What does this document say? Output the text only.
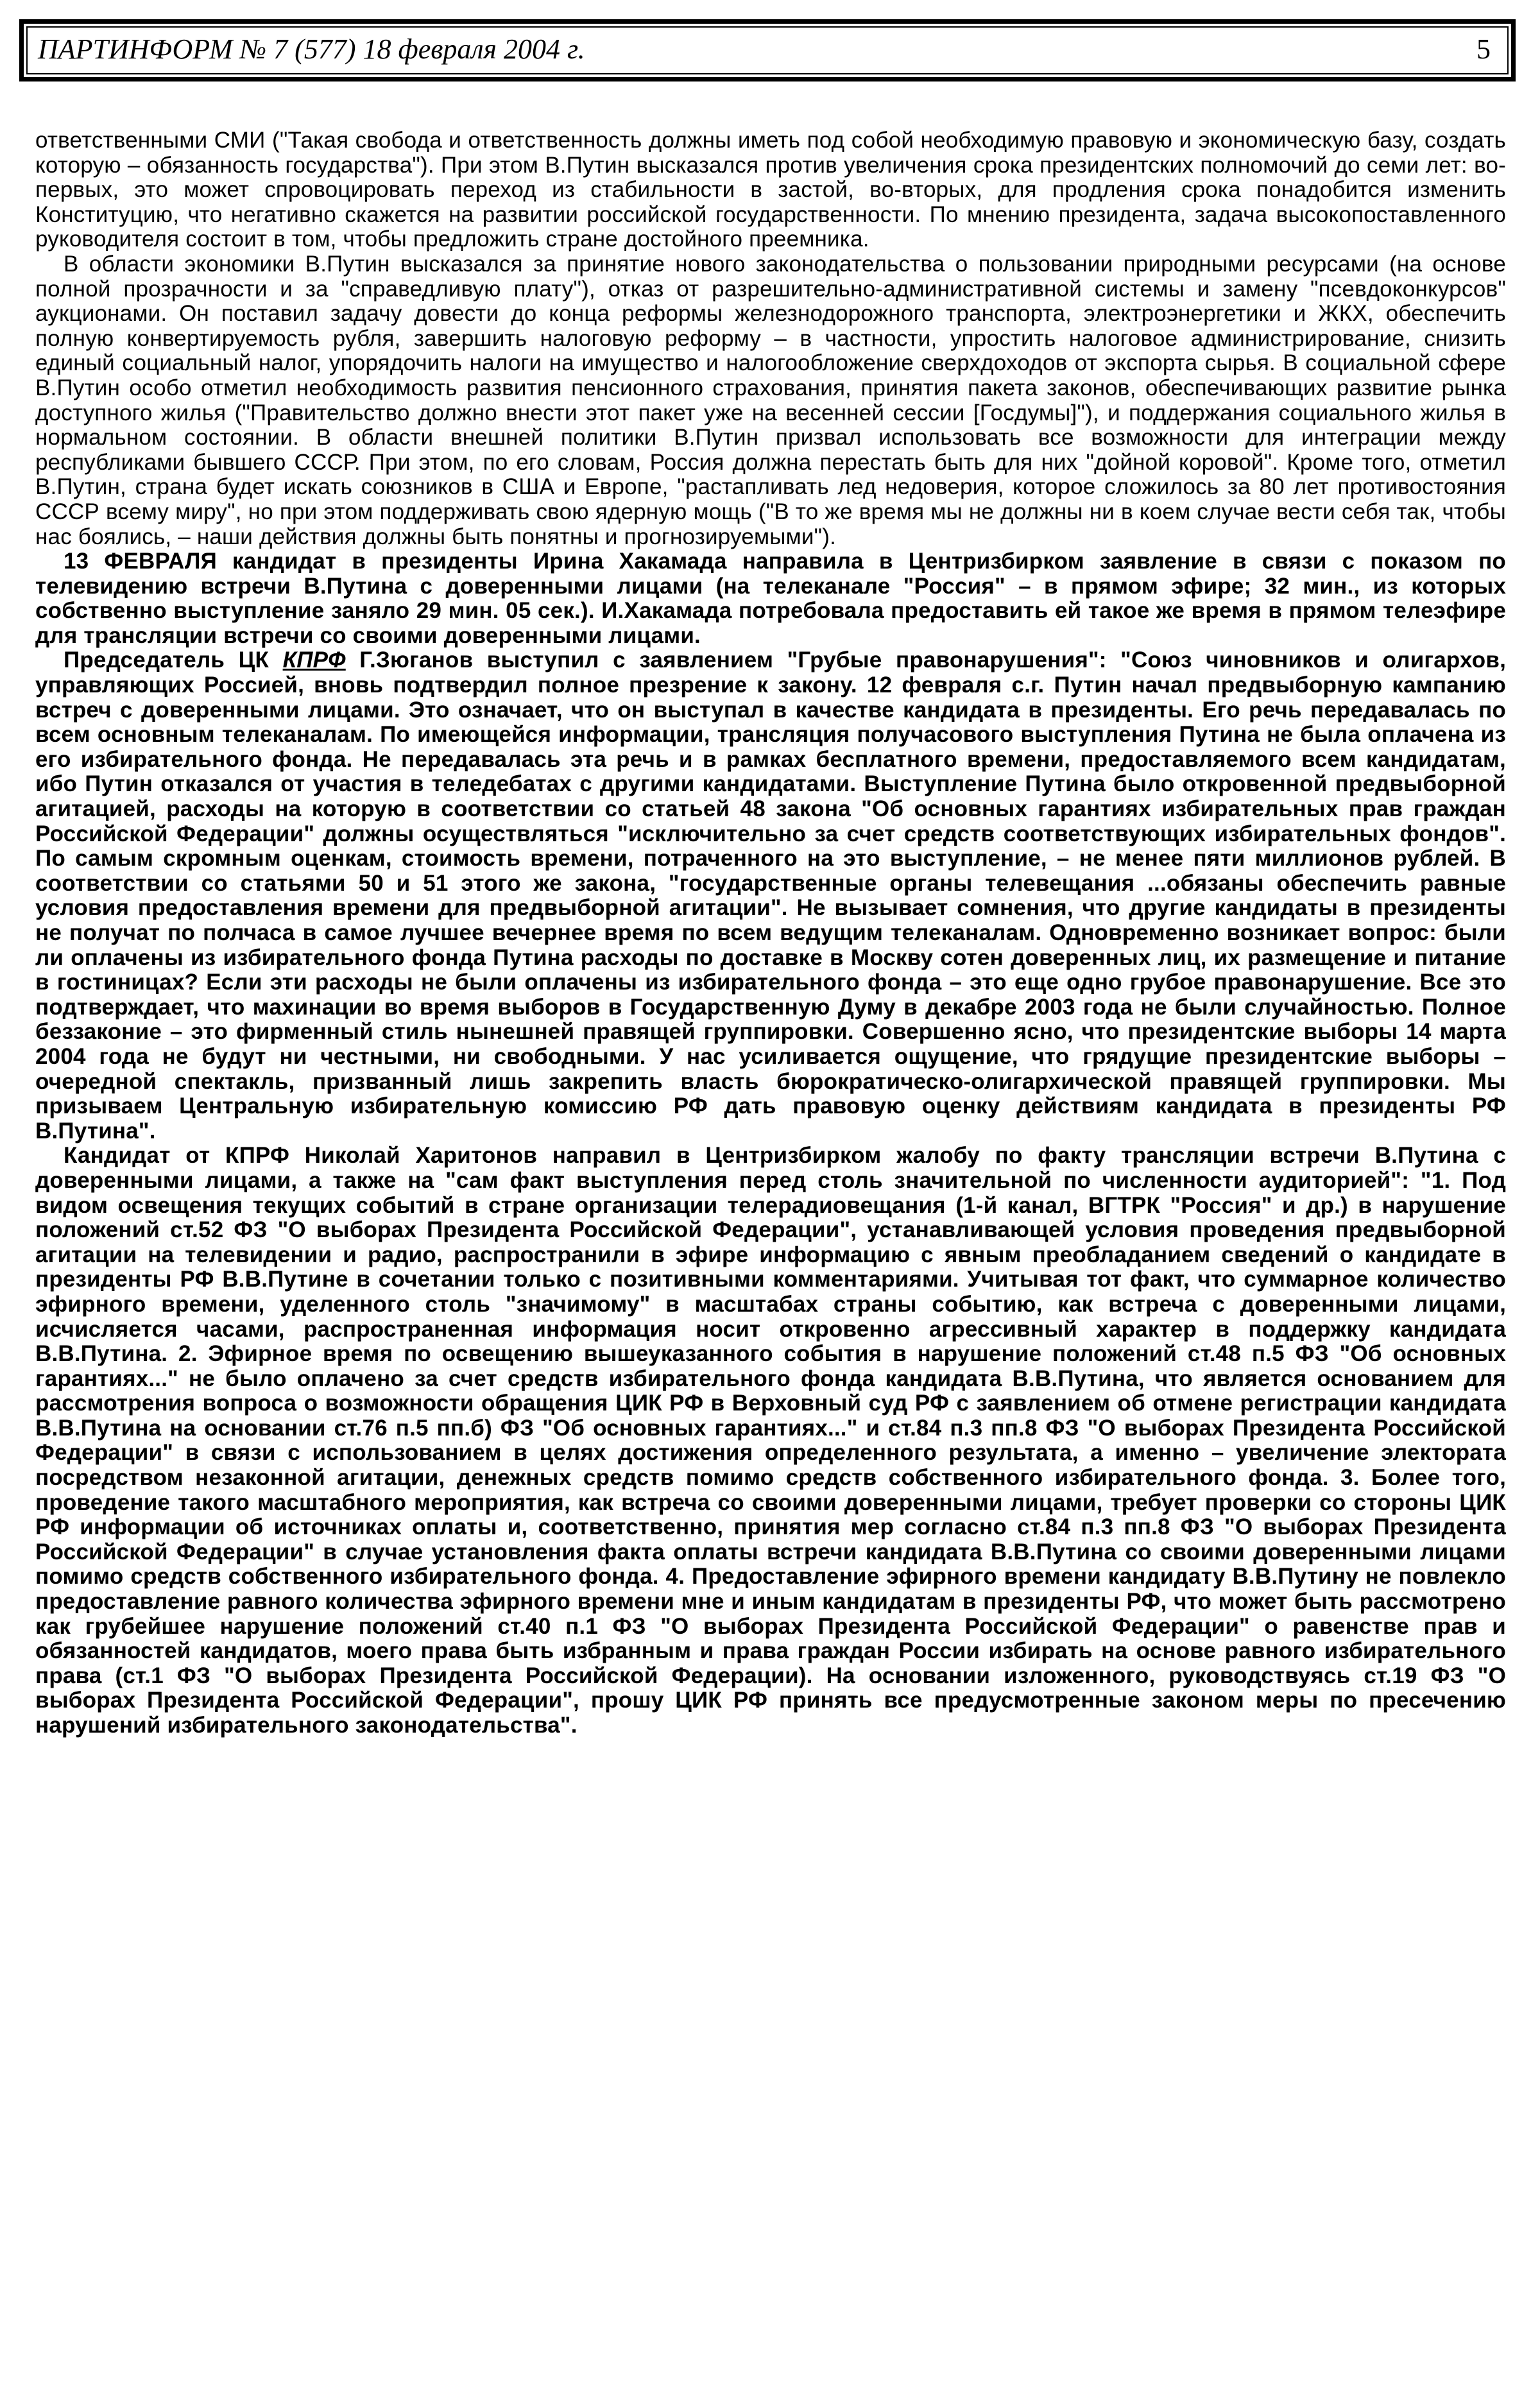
ПАРТИНФОРМ № 7 (577) 18 февраля 2004 г.	5

ответственными СМИ ("Такая свобода и ответственность должны иметь под собой необходимую правовую и экономическую базу, создать которую – обязанность государства"). При этом В.Путин высказался против увеличения срока президентских полномочий до семи лет: во-первых, это может спровоцировать переход из стабильности в застой, во-вторых, для продления срока понадобится изменить Конституцию, что негативно скажется на развитии российской государственности. По мнению президента, задача высокопоставленного руководителя состоит в том, чтобы предложить стране достойного преемника.

В области экономики В.Путин высказался за принятие нового законодательства о пользовании природными ресурсами (на основе полной прозрачности и за "справедливую плату"), отказ от разрешительно-административной системы и замену "псевдоконкурсов" аукционами. Он поставил задачу довести до конца реформы железнодорожного транспорта, электроэнергетики и ЖКХ, обеспечить полную конвертируемость рубля, завершить налоговую реформу – в частности, упростить налоговое администрирование, снизить единый социальный налог, упорядочить налоги на имущество и налогообложение сверхдоходов от экспорта сырья. В социальной сфере В.Путин особо отметил необходимость развития пенсионного страхования, принятия пакета законов, обеспечивающих развитие рынка доступного жилья ("Правительство должно внести этот пакет уже на весенней сессии [Госдумы]"), и поддержания социального жилья в нормальном состоянии. В области внешней политики В.Путин призвал использовать все возможности для интеграции между республиками бывшего СССР. При этом, по его словам, Россия должна перестать быть для них "дойной коровой". Кроме того, отметил В.Путин, страна будет искать союзников в США и Европе, "растапливать лед недоверия, которое сложилось за 80 лет противостояния СССР всему миру", но при этом поддерживать свою ядерную мощь ("В то же время мы не должны ни в коем случае вести себя так, чтобы нас боялись, – наши действия должны быть понятны и прогнозируемыми").

13 ФЕВРАЛЯ кандидат в президенты Ирина Хакамада направила в Центризбирком заявление в связи с показом по телевидению встречи В.Путина с доверенными лицами (на телеканале "Россия" – в прямом эфире; 32 мин., из которых собственно выступление заняло 29 мин. 05 сек.). И.Хакамада потребовала предоставить ей такое же время в прямом телеэфире для трансляции встречи со своими доверенными лицами.

Председатель ЦК КПРФ Г.Зюганов выступил с заявлением "Грубые правонарушения": "Союз чиновников и олигархов, управляющих Россией, вновь подтвердил полное презрение к закону. 12 февраля с.г. Путин начал предвыборную кампанию встреч с доверенными лицами. Это означает, что он выступал в качестве кандидата в президенты. Его речь передавалась по всем основным телеканалам. По имеющейся информации, трансляция получасового выступления Путина не была оплачена из его избирательного фонда. Не передавалась эта речь и в рамках бесплатного времени, предоставляемого всем кандидатам, ибо Путин отказался от участия в теледебатах с другими кандидатами. Выступление Путина было откровенной предвыборной агитацией, расходы на которую в соответствии со статьей 48 закона "Об основных гарантиях избирательных прав граждан Российской Федерации" должны осуществляться "исключительно за счет средств соответствующих избирательных фондов". По самым скромным оценкам, стоимость времени, потраченного на это выступление, – не менее пяти миллионов рублей. В соответствии со статьями 50 и 51 этого же закона, "государственные органы телевещания ...обязаны обеспечить равные условия предоставления времени для предвыборной агитации". Не вызывает сомнения, что другие кандидаты в президенты не получат по полчаса в самое лучшее вечернее время по всем ведущим телеканалам. Одновременно возникает вопрос: были ли оплачены из избирательного фонда Путина расходы по доставке в Москву сотен доверенных лиц, их размещение и питание в гостиницах? Если эти расходы не были оплачены из избирательного фонда – это еще одно грубое правонарушение. Все это подтверждает, что махинации во время выборов в Государственную Думу в декабре 2003 года не были случайностью. Полное беззаконие – это фирменный стиль нынешней правящей группировки. Совершенно ясно, что президентские выборы 14 марта 2004 года не будут ни честными, ни свободными. У нас усиливается ощущение, что грядущие президентские выборы – очередной спектакль, призванный лишь закрепить власть бюрократическо-олигархической правящей группировки. Мы призываем Центральную избирательную комиссию РФ дать правовую оценку действиям кандидата в президенты РФ В.Путина".

Кандидат от КПРФ Николай Харитонов направил в Центризбирком жалобу по факту трансляции встречи В.Путина с доверенными лицами, а также на "сам факт выступления перед столь значительной по численности аудиторией": "1. Под видом освещения текущих событий в стране организации телерадиовещания (1-й канал, ВГТРК "Россия" и др.) в нарушение положений ст.52 ФЗ "О выборах Президента Российской Федерации", устанавливающей условия проведения предвыборной агитации на телевидении и радио, распространили в эфире информацию с явным преобладанием сведений о кандидате в президенты РФ В.В.Путине в сочетании только с позитивными комментариями. Учитывая тот факт, что суммарное количество эфирного времени, уделенного столь "значимому" в масштабах страны событию, как встреча с доверенными лицами, исчисляется часами, распространенная информация носит откровенно агрессивный характер в поддержку кандидата В.В.Путина. 2. Эфирное время по освещению вышеуказанного события в нарушение положений ст.48 п.5 ФЗ "Об основных гарантиях..." не было оплачено за счет средств избирательного фонда кандидата В.В.Путина, что является основанием для рассмотрения вопроса о возможности обращения ЦИК РФ в Верховный суд РФ с заявлением об отмене регистрации кандидата В.В.Путина на основании ст.76 п.5 пп.б) ФЗ "Об основных гарантиях..." и ст.84 п.3 пп.8 ФЗ "О выборах Президента Российской Федерации" в связи с использованием в целях достижения определенного результата, а именно – увеличение электората посредством незаконной агитации, денежных средств помимо средств собственного избирательного фонда. 3. Более того, проведение такого масштабного мероприятия, как встреча со своими доверенными лицами, требует проверки со стороны ЦИК РФ информации об источниках оплаты и, соответственно, принятия мер согласно ст.84 п.3 пп.8 ФЗ "О выборах Президента Российской Федерации" в случае установления факта оплаты встречи кандидата В.В.Путина со своими доверенными лицами помимо средств собственного избирательного фонда. 4. Предоставление эфирного времени кандидату В.В.Путину не повлекло предоставление равного количества эфирного времени мне и иным кандидатам в президенты РФ, что может быть рассмотрено как грубейшее нарушение положений ст.40 п.1 ФЗ "О выборах Президента Российской Федерации" о равенстве прав и обязанностей кандидатов, моего права быть избранным и права граждан России избирать на основе равного избирательного права (ст.1 ФЗ "О выборах Президента Российской Федерации). На основании изложенного, руководствуясь ст.19 ФЗ "О выборах Президента Российской Федерации", прошу ЦИК РФ принять все предусмотренные законом меры по пресечению нарушений избирательного законодательства".
